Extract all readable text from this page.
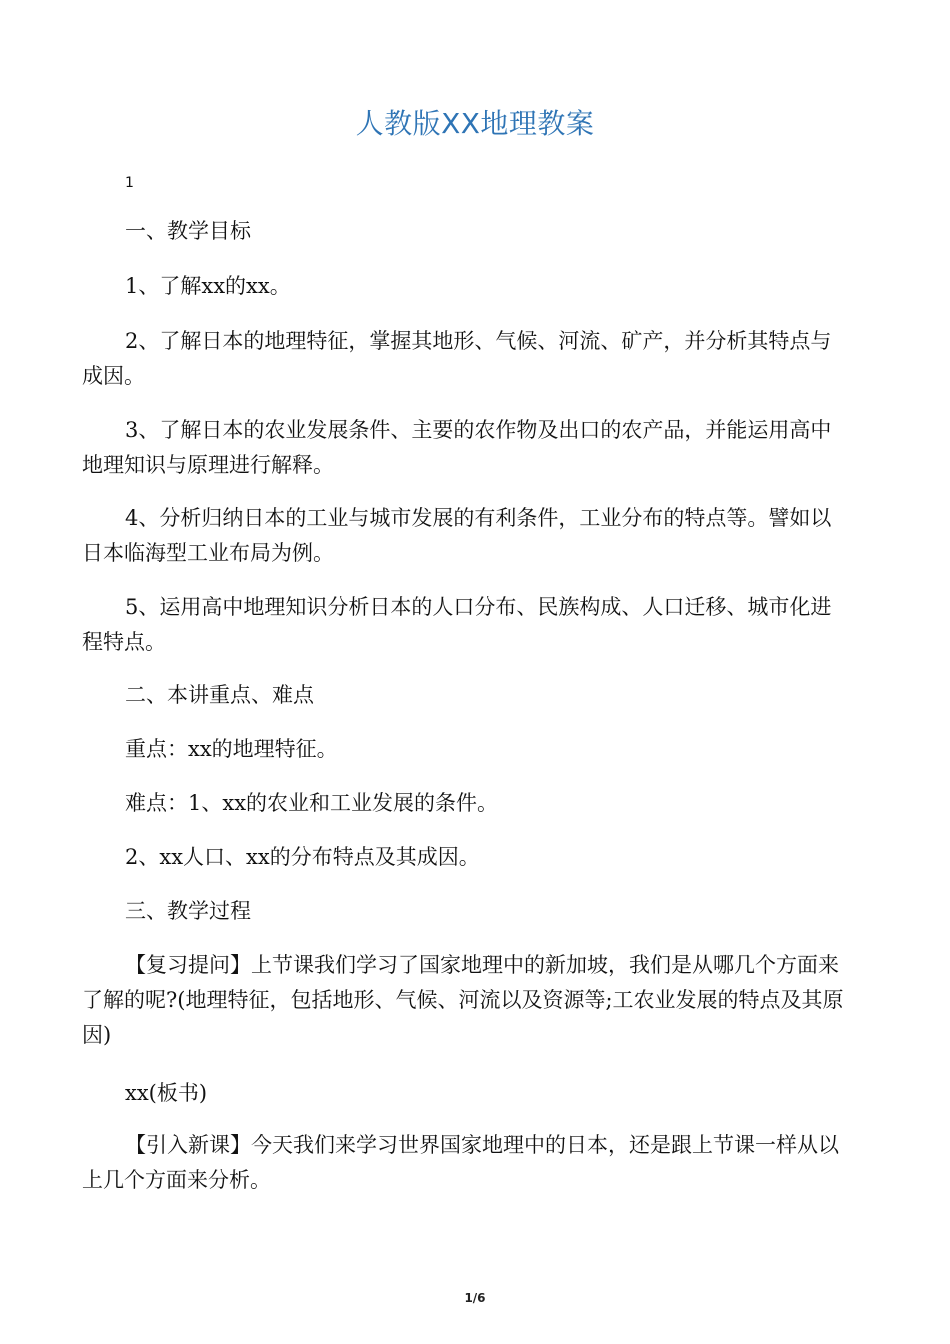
人教版XX地理教案
1
一、教学目标
1、了解xx的xx。
2、了解日本的地理特征，掌握其地形、气候、河流、矿产，并分析其特点与成因。
3、了解日本的农业发展条件、主要的农作物及出口的农产品，并能运用高中地理知识与原理进行解释。
4、分析归纳日本的工业与城市发展的有利条件，工业分布的特点等。譬如以日本临海型工业布局为例。
5、运用高中地理知识分析日本的人口分布、民族构成、人口迁移、城市化进程特点。
二、本讲重点、难点
重点：xx的地理特征。
难点：1、xx的农业和工业发展的条件。
2、xx人口、xx的分布特点及其成因。
三、教学过程
【复习提问】上节课我们学习了国家地理中的新加坡，我们是从哪几个方面来了解的呢?(地理特征，包括地形、气候、河流以及资源等;工农业发展的特点及其原因)
xx(板书)
【引入新课】今天我们来学习世界国家地理中的日本，还是跟上节课一样从以上几个方面来分析。
1/6
